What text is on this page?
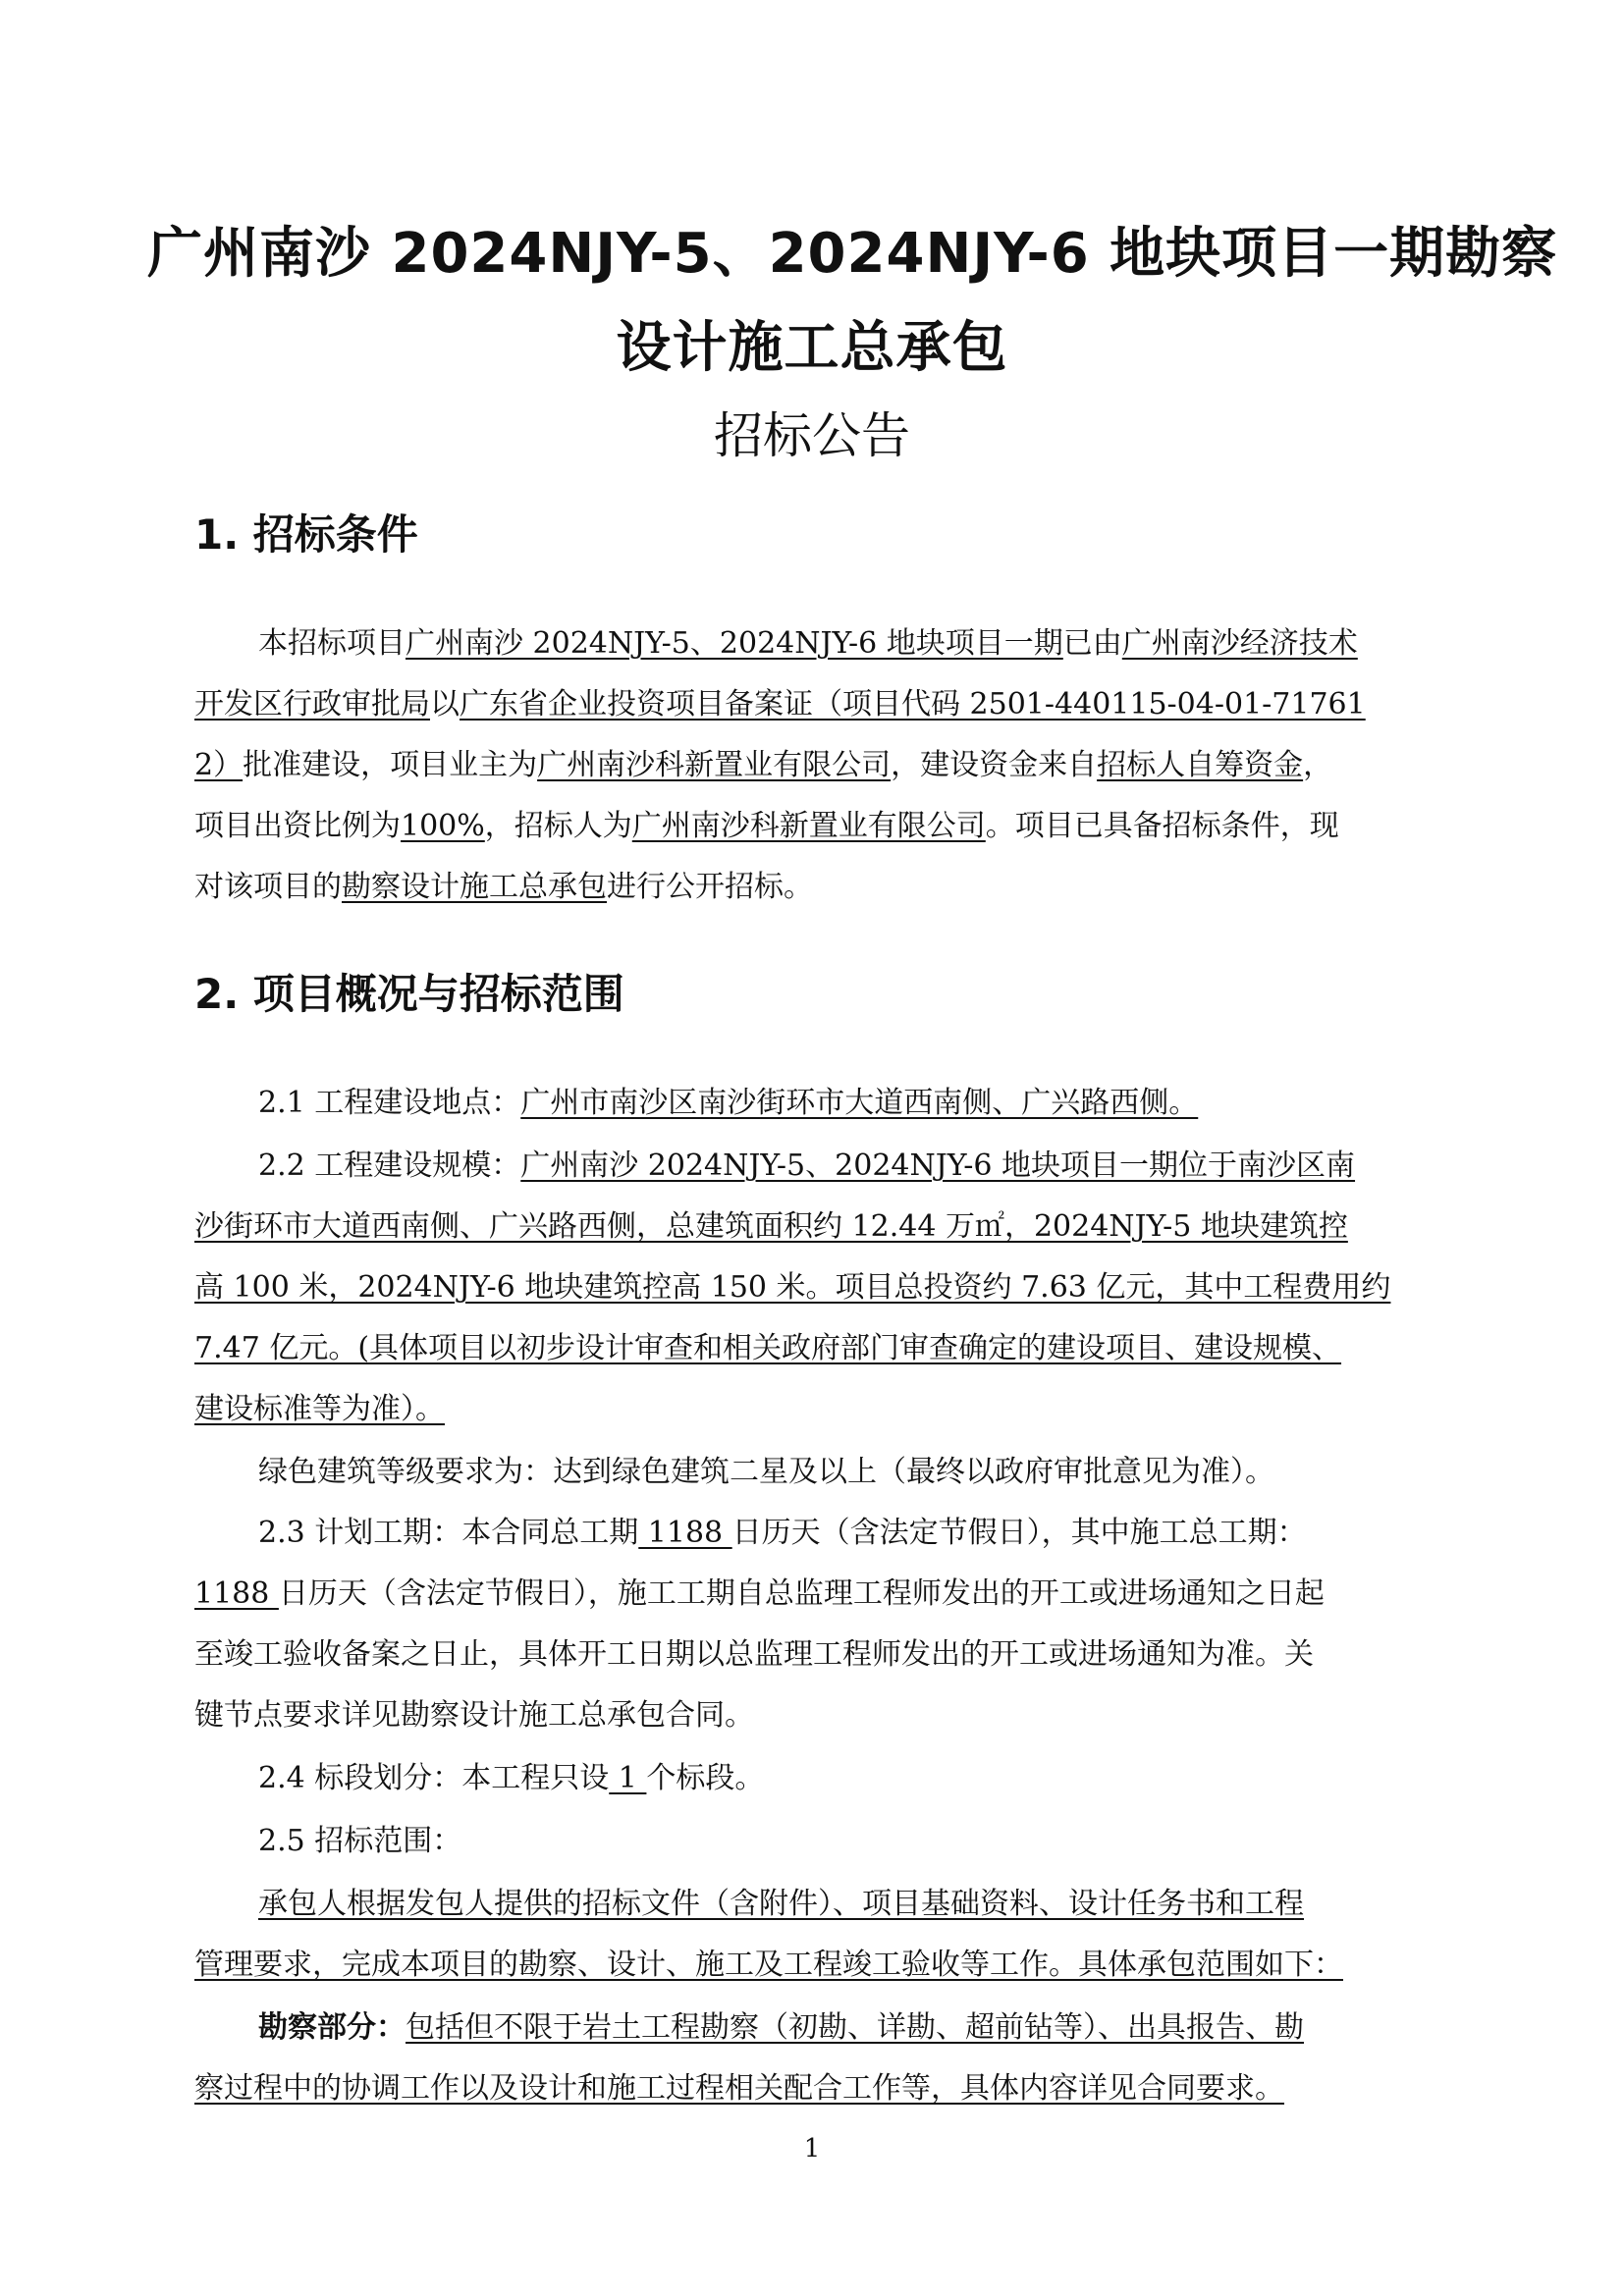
广州南沙 2024NJY-5、2024NJY-6 地块项目一期勘察
设计施工总承包
招标公告
1. 招标条件
本招标项目广州南沙 2024NJY-5、2024NJY-6 地块项目一期已由广州南沙经济技术
开发区行政审批局以广东省企业投资项目备案证（项目代码 2501-440115-04-01-71761
2）批准建设，项目业主为广州南沙科新置业有限公司，建设资金来自招标人自筹资金，
项目出资比例为100%，招标人为广州南沙科新置业有限公司。项目已具备招标条件，现
对该项目的勘察设计施工总承包进行公开招标。
2. 项目概况与招标范围
2.1 工程建设地点：广州市南沙区南沙街环市大道西南侧、广兴路西侧。
2.2 工程建设规模：广州南沙 2024NJY-5、2024NJY-6 地块项目一期位于南沙区南
沙街环市大道西南侧、广兴路西侧，总建筑面积约 12.44 万㎡，2024NJY-5 地块建筑控
高 100 米，2024NJY-6 地块建筑控高 150 米。项目总投资约 7.63 亿元，其中工程费用约
7.47 亿元。(具体项目以初步设计审查和相关政府部门审查确定的建设项目、建设规模、
建设标准等为准）。
绿色建筑等级要求为：达到绿色建筑二星及以上（最终以政府审批意见为准）。
2.3 计划工期：本合同总工期 1188 日历天（含法定节假日），其中施工总工期：
1188 日历天（含法定节假日），施工工期自总监理工程师发出的开工或进场通知之日起
至竣工验收备案之日止，具体开工日期以总监理工程师发出的开工或进场通知为准。关
键节点要求详见勘察设计施工总承包合同。
2.4 标段划分：本工程只设 1 个标段。
2.5 招标范围：
承包人根据发包人提供的招标文件（含附件）、项目基础资料、设计任务书和工程
管理要求，完成本项目的勘察、设计、施工及工程竣工验收等工作。具体承包范围如下：
勘察部分：包括但不限于岩土工程勘察（初勘、详勘、超前钻等）、出具报告、勘
察过程中的协调工作以及设计和施工过程相关配合工作等，具体内容详见合同要求。
1
